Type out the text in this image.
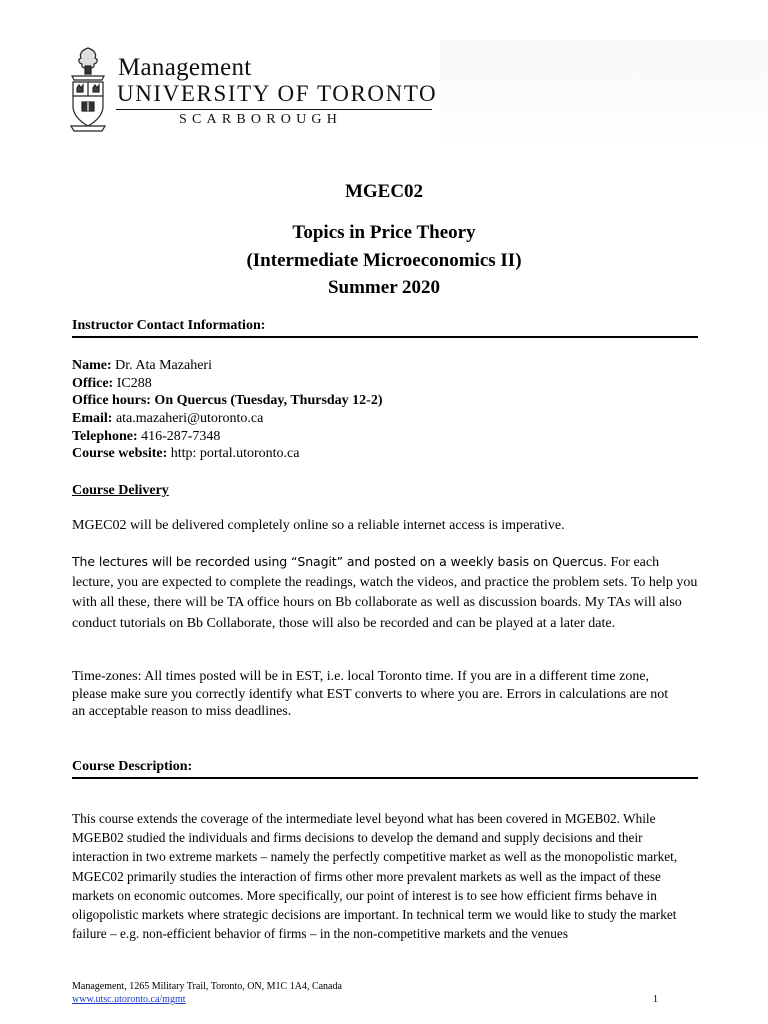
Management
UNIVERSITY OF TORONTO
SCARBOROUGH
MGEC02
Topics in Price Theory
(Intermediate Microeconomics II)
Summer 2020
Instructor Contact Information:
Name: Dr. Ata Mazaheri
Office: IC288
Office hours: On Quercus (Tuesday, Thursday 12-2)
Email: ata.mazaheri@utoronto.ca
Telephone: 416-287-7348
Course website: http: portal.utoronto.ca
Course Delivery
MGEC02 will be delivered completely online so a reliable internet access is imperative.
The lectures will be recorded using “Snagit” and posted on a weekly basis on Quercus. For each lecture, you are expected to complete the readings, watch the videos, and practice the problem sets. To help you with all these, there will be TA office hours on Bb collaborate as well as discussion boards. My TAs will also conduct tutorials on Bb Collaborate, those will also be recorded and can be played at a later date.
Time-zones: All times posted will be in EST, i.e. local Toronto time. If you are in a different time zone, please make sure you correctly identify what EST converts to where you are. Errors in calculations are not an acceptable reason to miss deadlines.
Course Description:
This course extends the coverage of the intermediate level beyond what has been covered in MGEB02. While MGEB02 studied the individuals and firms decisions to develop the demand and supply decisions and their interaction in two extreme markets – namely the perfectly competitive market as well as the monopolistic market, MGEC02 primarily studies the interaction of firms other more prevalent markets as well as the impact of these markets on economic outcomes. More specifically, our point of interest is to see how efficient firms behave in oligopolistic markets where strategic decisions are important. In technical term we would like to study the market failure – e.g. non-efficient behavior of firms – in the non-competitive markets and the venues
Management, 1265 Military Trail, Toronto, ON, M1C 1A4, Canada
www.utsc.utoronto.ca/mgmt	1
